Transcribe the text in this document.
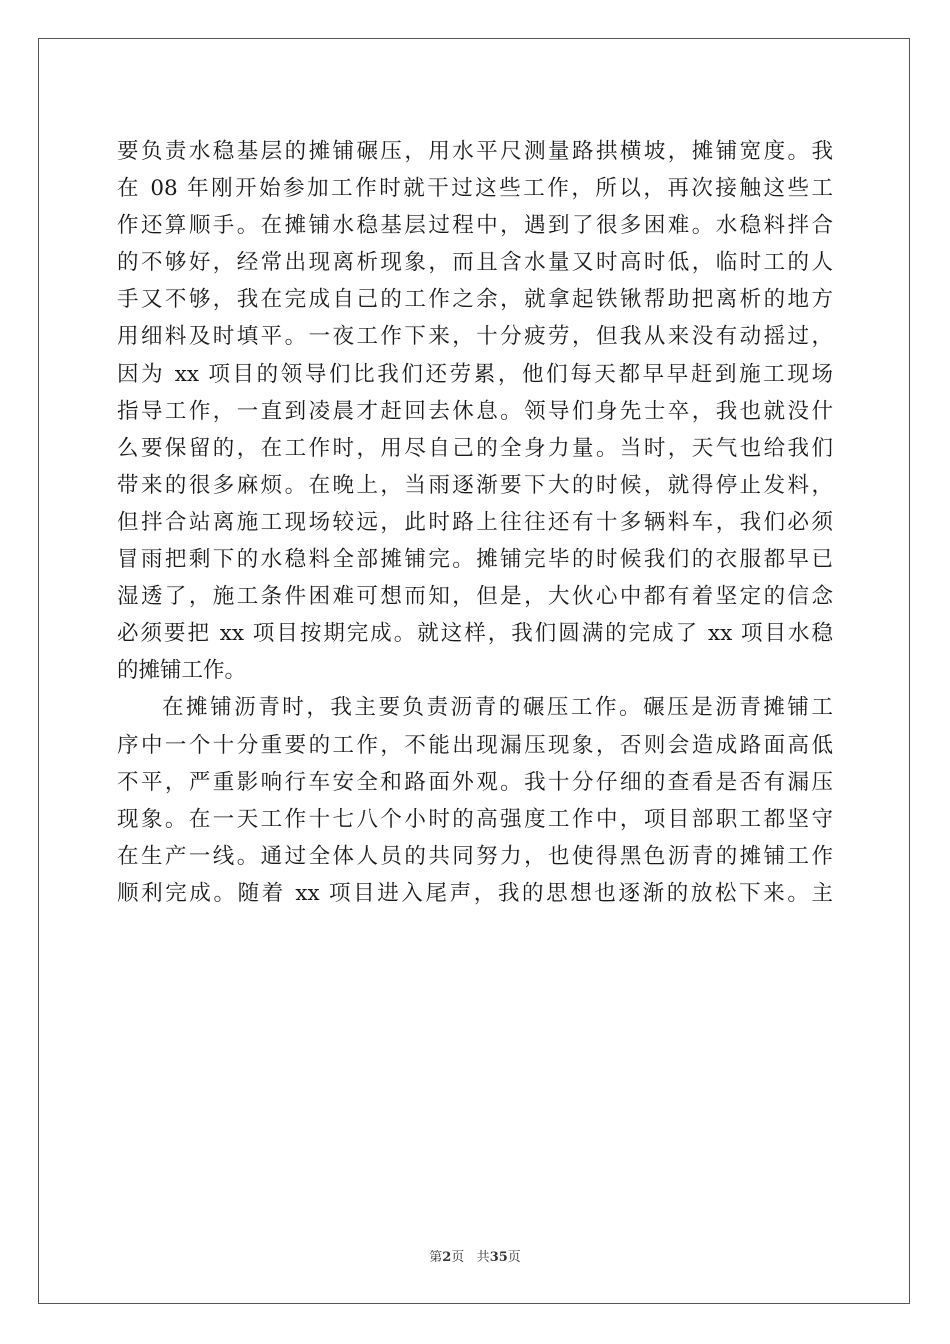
要负责水稳基层的摊铺碾压，用水平尺测量路拱横坡，摊铺宽度。我
在 08 年刚开始参加工作时就干过这些工作，所以，再次接触这些工
作还算顺手。在摊铺水稳基层过程中，遇到了很多困难。水稳料拌合
的不够好，经常出现离析现象，而且含水量又时高时低，临时工的人
手又不够，我在完成自己的工作之余，就拿起铁锹帮助把离析的地方
用细料及时填平。一夜工作下来，十分疲劳，但我从来没有动摇过，
因为 xx 项目的领导们比我们还劳累，他们每天都早早赶到施工现场
指导工作，一直到凌晨才赶回去休息。领导们身先士卒，我也就没什
么要保留的，在工作时，用尽自己的全身力量。当时，天气也给我们
带来的很多麻烦。在晚上，当雨逐渐要下大的时候，就得停止发料，
但拌合站离施工现场较远，此时路上往往还有十多辆料车，我们必须
冒雨把剩下的水稳料全部摊铺完。摊铺完毕的时候我们的衣服都早已
湿透了，施工条件困难可想而知，但是，大伙心中都有着坚定的信念
必须要把 xx 项目按期完成。就这样，我们圆满的完成了 xx 项目水稳
的摊铺工作。

在摊铺沥青时，我主要负责沥青的碾压工作。碾压是沥青摊铺工
序中一个十分重要的工作，不能出现漏压现象，否则会造成路面高低
不平，严重影响行车安全和路面外观。我十分仔细的查看是否有漏压
现象。在一天工作十七八个小时的高强度工作中，项目部职工都坚守
在生产一线。通过全体人员的共同努力，也使得黑色沥青的摊铺工作
顺利完成。随着 xx 项目进入尾声，我的思想也逐渐的放松下来。主

第2页 共35页
